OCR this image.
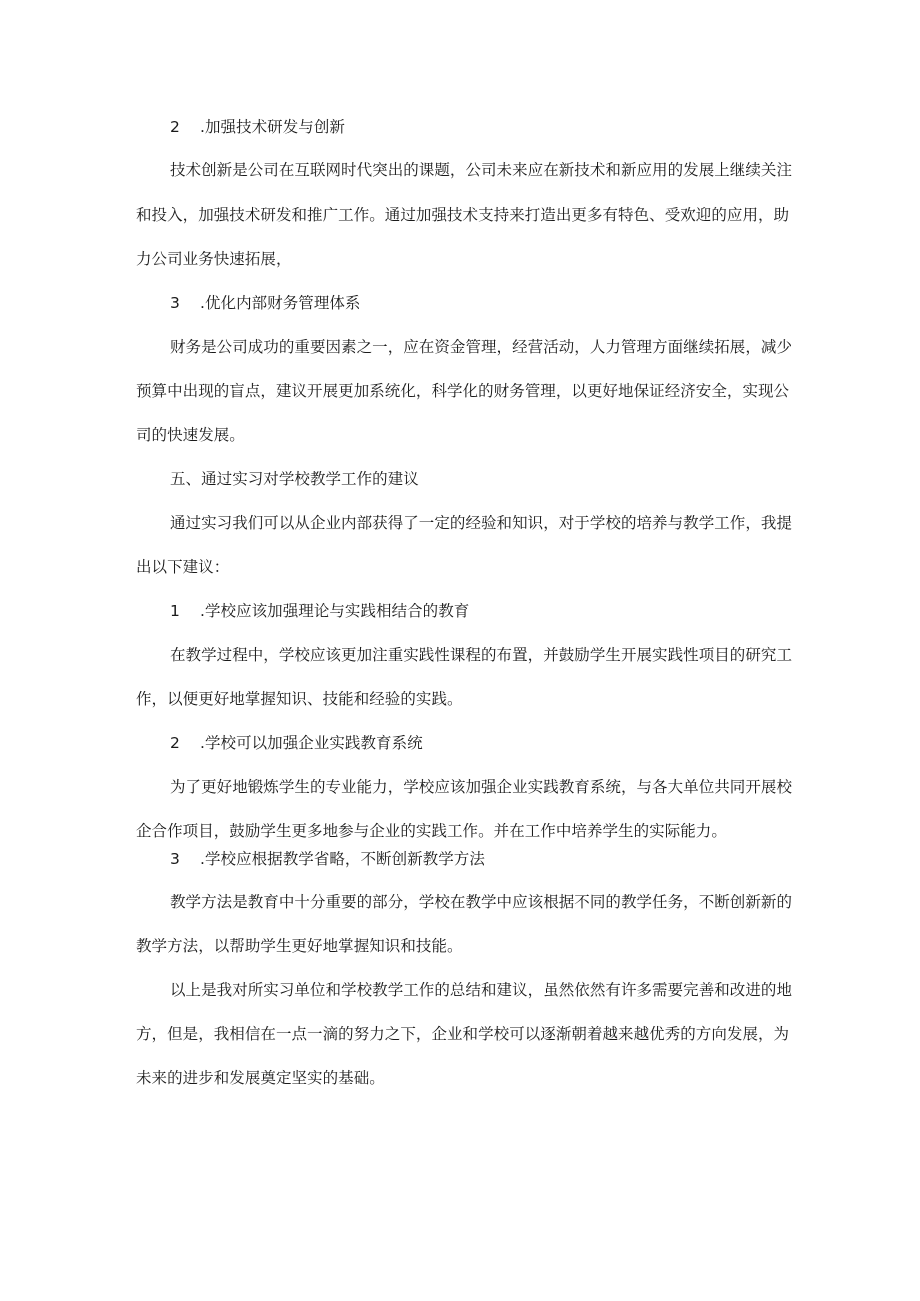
2 .加强技术研发与创新
技术创新是公司在互联网时代突出的课题，公司未来应在新技术和新应用的发展上继续关注
和投入，加强技术研发和推广工作。通过加强技术支持来打造出更多有特色、受欢迎的应用，助
力公司业务快速拓展，
3 .优化内部财务管理体系
财务是公司成功的重要因素之一，应在资金管理，经营活动，人力管理方面继续拓展，减少
预算中出现的盲点，建议开展更加系统化，科学化的财务管理，以更好地保证经济安全，实现公
司的快速发展。
五、通过实习对学校教学工作的建议
通过实习我们可以从企业内部获得了一定的经验和知识，对于学校的培养与教学工作，我提
出以下建议：
1 .学校应该加强理论与实践相结合的教育
在教学过程中，学校应该更加注重实践性课程的布置，并鼓励学生开展实践性项目的研究工
作，以便更好地掌握知识、技能和经验的实践。
2 .学校可以加强企业实践教育系统
为了更好地锻炼学生的专业能力，学校应该加强企业实践教育系统，与各大单位共同开展校
企合作项目，鼓励学生更多地参与企业的实践工作。并在工作中培养学生的实际能力。
3 .学校应根据教学省略，不断创新教学方法
教学方法是教育中十分重要的部分，学校在教学中应该根据不同的教学任务，不断创新新的
教学方法，以帮助学生更好地掌握知识和技能。
以上是我对所实习单位和学校教学工作的总结和建议，虽然依然有许多需要完善和改进的地
方，但是，我相信在一点一滴的努力之下，企业和学校可以逐渐朝着越来越优秀的方向发展，为
未来的进步和发展奠定坚实的基础。
